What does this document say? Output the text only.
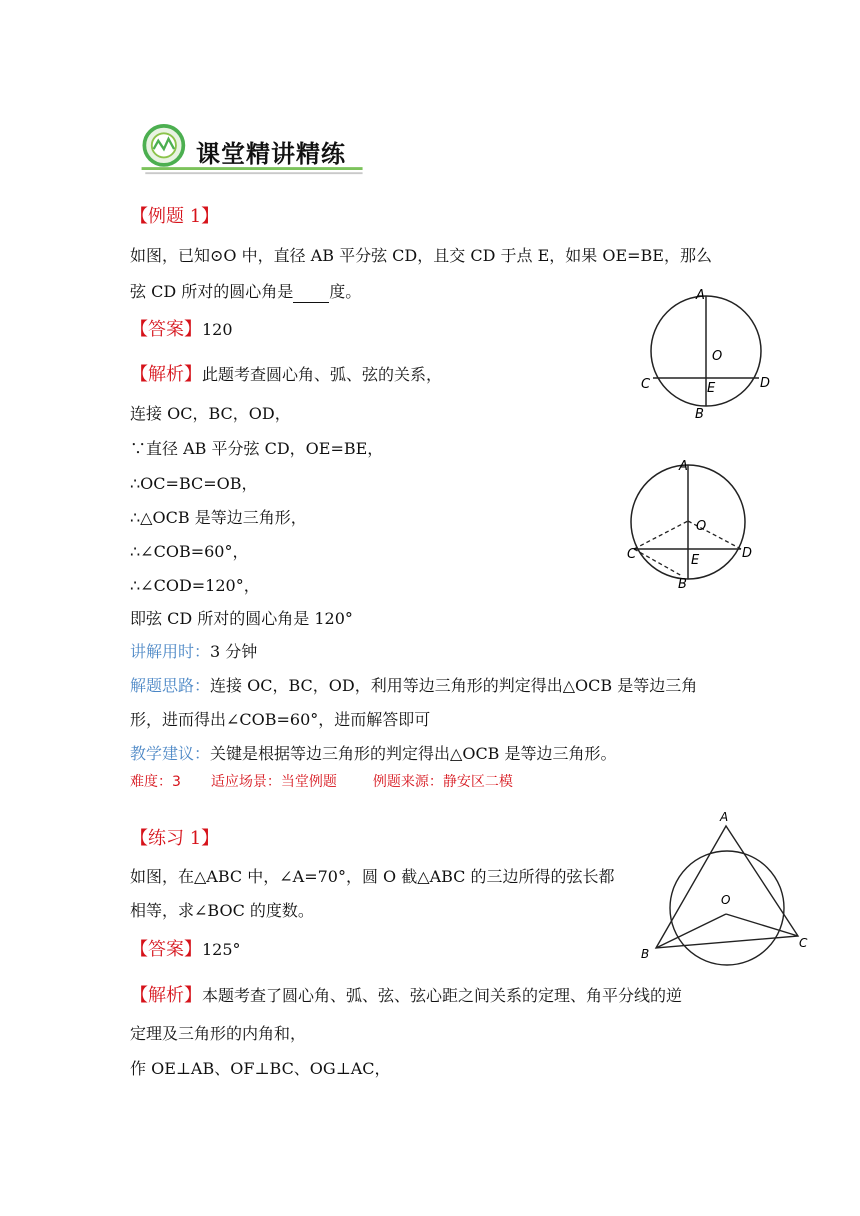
课堂精讲精练
【例题 1】
如图，已知⊙O 中，直径 AB 平分弦 CD，且交 CD 于点 E，如果 OE=BE，那么
弦 CD 所对的圆心角是 度。
【答案】120
【解析】此题考查圆心角、弧、弦的关系，
连接 OC，BC，OD，
∵直径 AB 平分弦 CD，OE=BE，
∴OC=BC=OB，
∴△OCB 是等边三角形，
∴∠COB=60°，
∴∠COD=120°，
即弦 CD 所对的圆心角是 120°
讲解用时：3 分钟
解题思路：连接 OC，BC，OD，利用等边三角形的判定得出△OCB 是等边三角
形，进而得出∠COB=60°，进而解答即可
教学建议：关键是根据等边三角形的判定得出△OCB 是等边三角形。
难度：3 适应场景：当堂例题	例题来源：静安区二模
A
O
C	D
E
B
A
O
C	D
E
B
【练习 1】
如图，在△ABC 中，∠A=70°，圆 O 截△ABC 的三边所得的弦长都
相等，求∠BOC 的度数。
【答案】125°
【解析】本题考查了圆心角、弧、弦、弦心距之间关系的定理、角平分线的逆
定理及三角形的内角和，
作 OE⊥AB、OF⊥BC、OG⊥AC，
A
O
B
C
